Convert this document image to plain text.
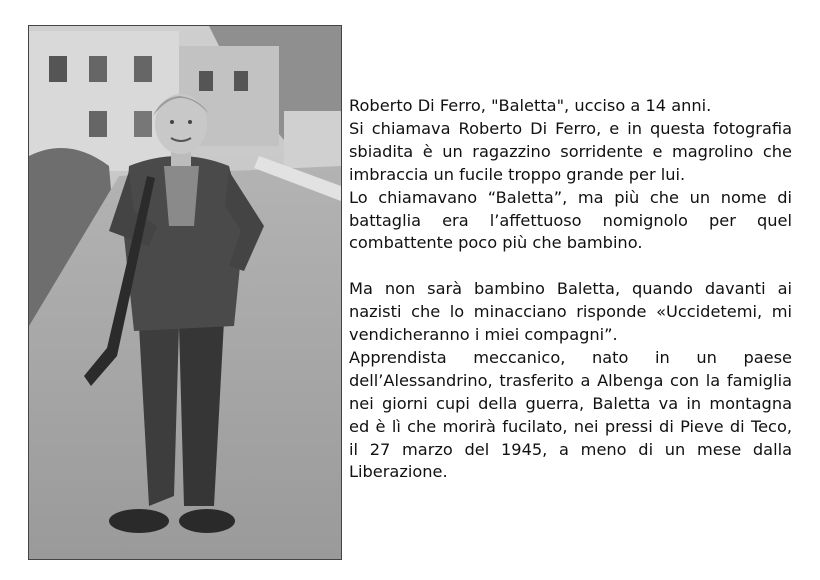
Roberto Di Ferro, "Baletta", ucciso a 14 anni.

Si chiamava Roberto Di Ferro, e in questa fotografia sbiadita è un ragazzino sorridente e magrolino che imbraccia un fucile troppo grande per lui.

Lo chiamavano “Baletta”, ma più che un nome di battaglia era l’affettuoso nomignolo per quel combattente poco più che bambino.

Ma non sarà bambino Baletta, quando davanti ai nazisti che lo minacciano risponde «Uccidetemi, mi vendicheranno i miei compagni”.

Apprendista meccanico, nato in un paese dell’Alessandrino, trasferito a Albenga con la famiglia nei giorni cupi della guerra, Baletta va in montagna ed è lì che morirà fucilato, nei pressi di Pieve di Teco, il 27 marzo del 1945, a meno di un mese dalla Liberazione.
